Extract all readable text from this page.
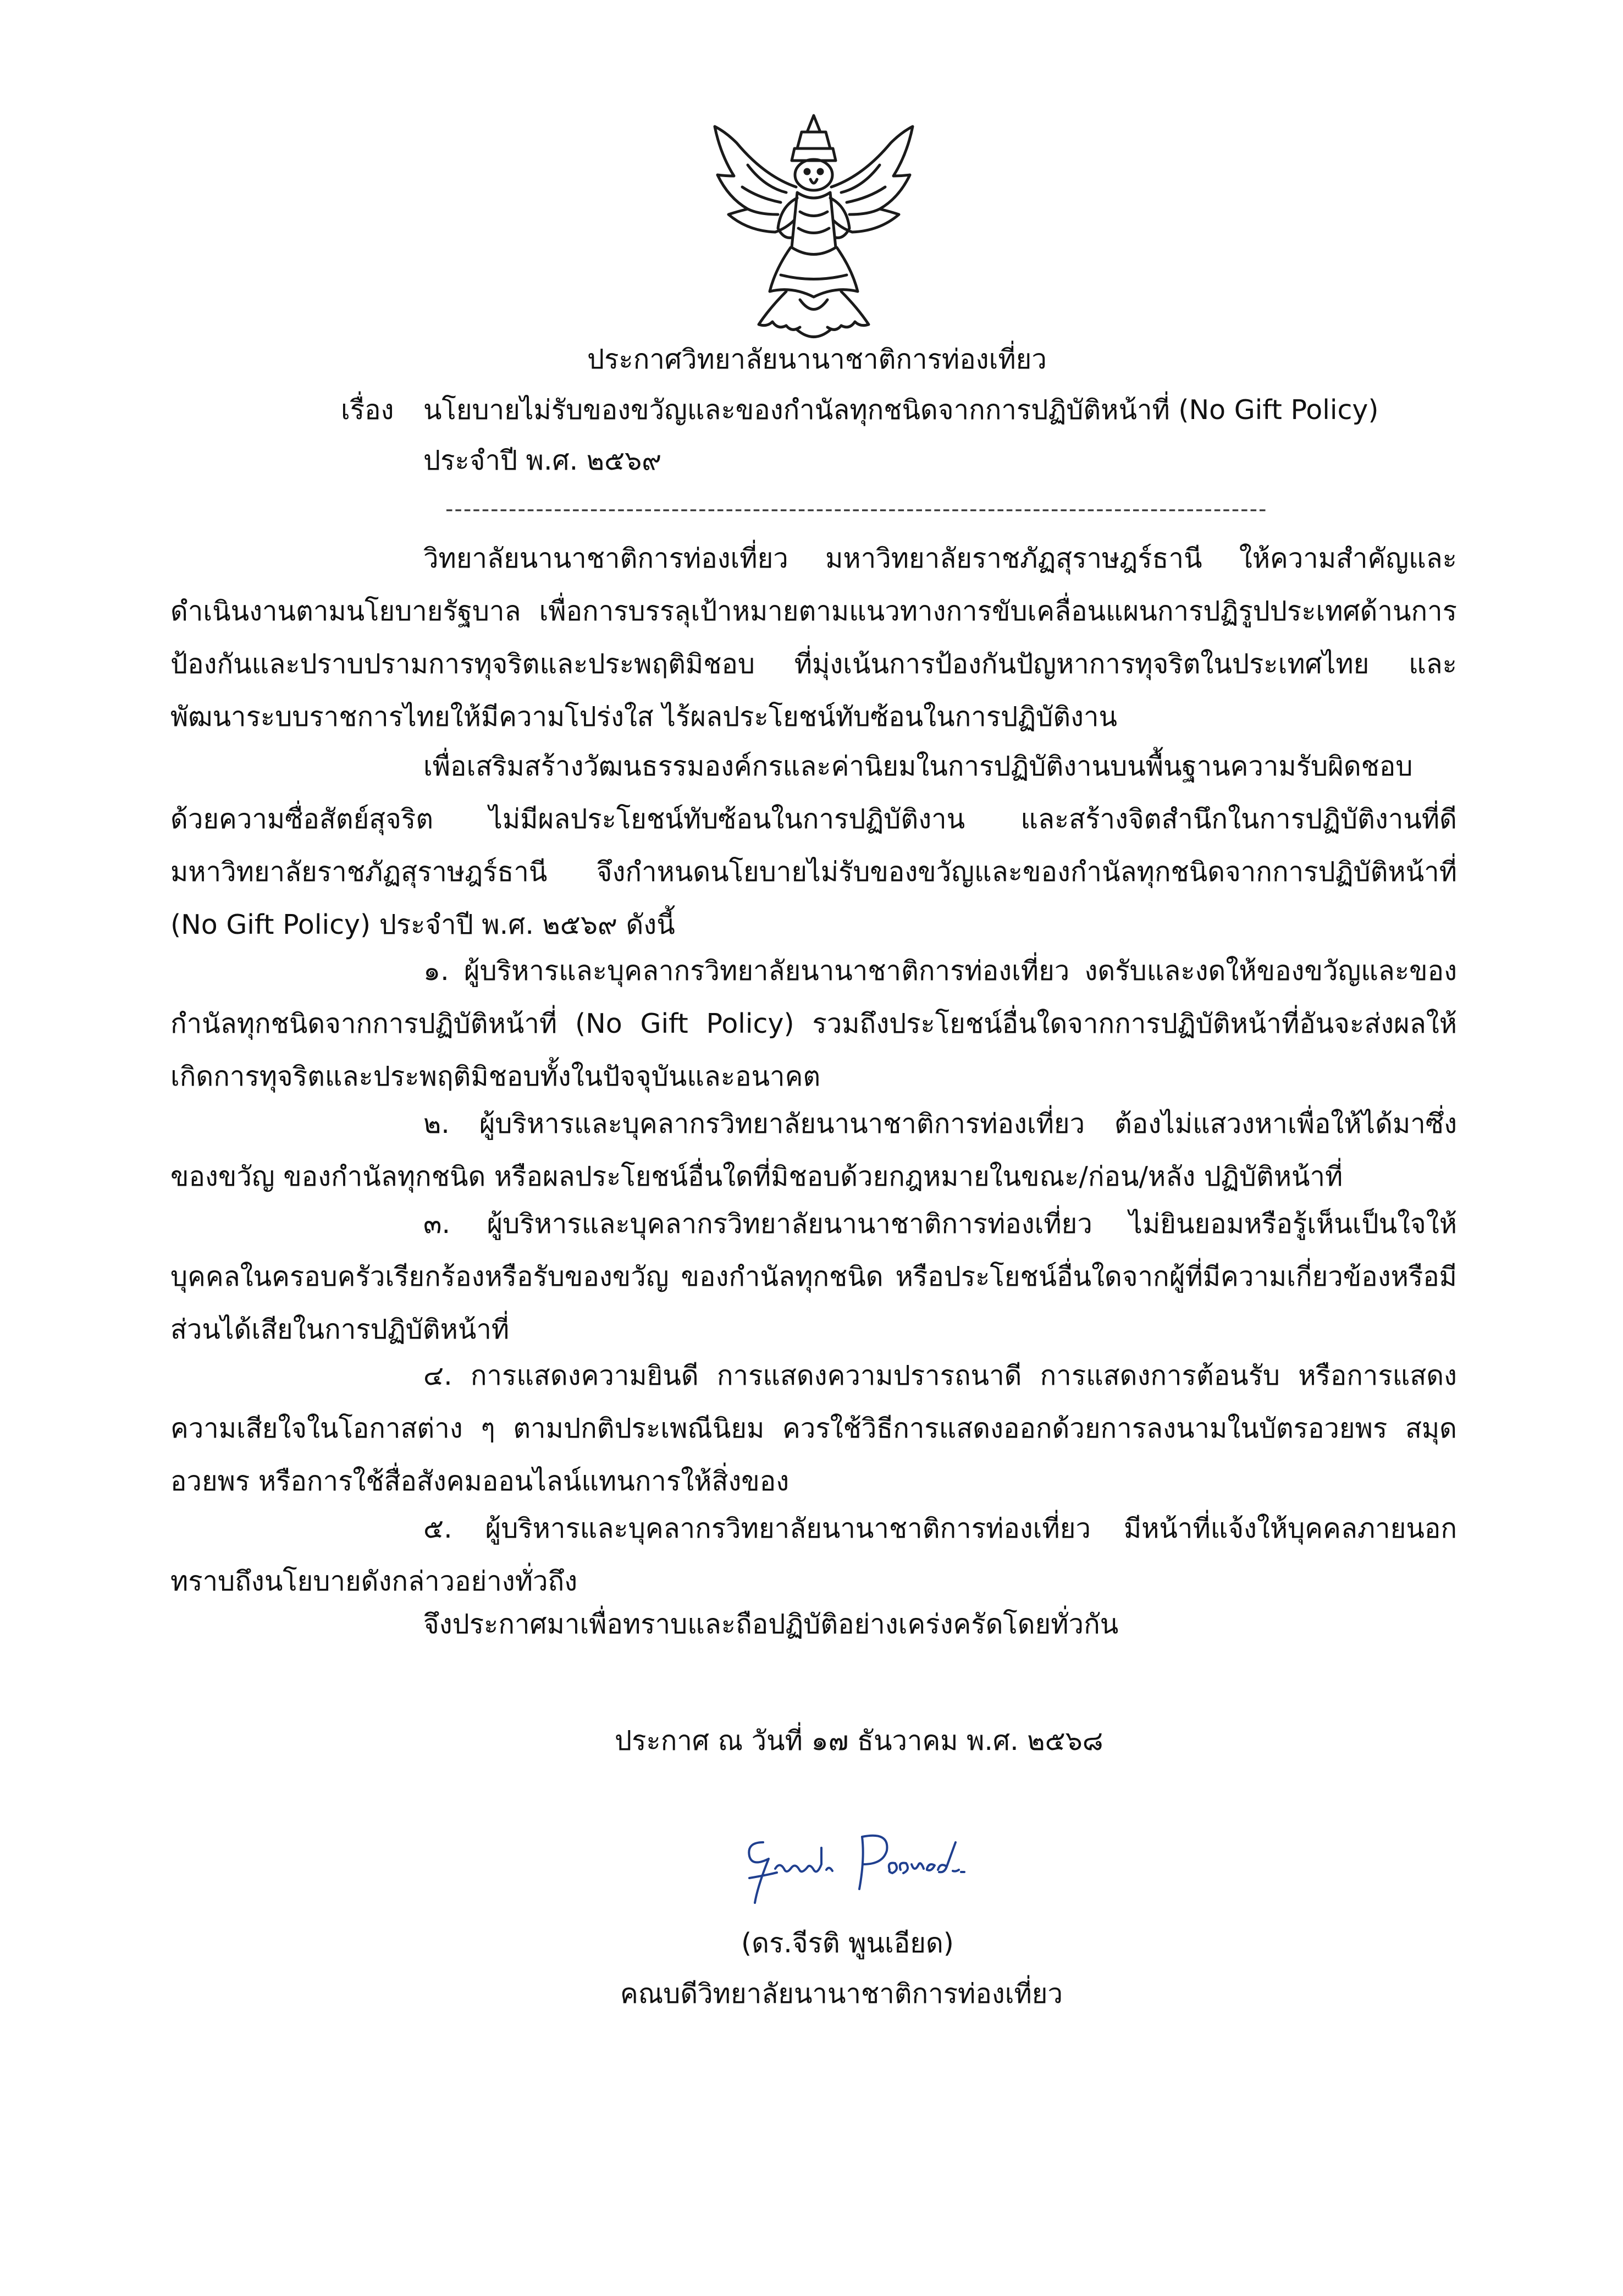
ประกาศวิทยาลัยนานาชาติการท่องเที่ยว
เรื่อง นโยบายไม่รับของขวัญและของกำนัลทุกชนิดจากการปฏิบัติหน้าที่ (No Gift Policy)
ประจำปี พ.ศ. ๒๕๖๙
-------------------------------------------------------------------------------------------

วิทยาลัยนานาชาติการท่องเที่ยว มหาวิทยาลัยราชภัฏสุราษฎร์ธานี ให้ความสำคัญและดำเนินงานตามนโยบายรัฐบาล เพื่อการบรรลุเป้าหมายตามแนวทางการขับเคลื่อนแผนการปฏิรูปประเทศด้านการป้องกันและปราบปรามการทุจริตและประพฤติมิชอบ ที่มุ่งเน้นการป้องกันปัญหาการทุจริตในประเทศไทย และพัฒนาระบบราชการไทยให้มีความโปร่งใส ไร้ผลประโยชน์ทับซ้อนในการปฏิบัติงาน

เพื่อเสริมสร้างวัฒนธรรมองค์กรและค่านิยมในการปฏิบัติงานบนพื้นฐานความรับผิดชอบด้วยความซื่อสัตย์สุจริต ไม่มีผลประโยชน์ทับซ้อนในการปฏิบัติงาน และสร้างจิตสำนึกในการปฏิบัติงานที่ดี มหาวิทยาลัยราชภัฏสุราษฎร์ธานี จึงกำหนดนโยบายไม่รับของขวัญและของกำนัลทุกชนิดจากการปฏิบัติหน้าที่ (No Gift Policy) ประจำปี พ.ศ. ๒๕๖๙ ดังนี้

๑. ผู้บริหารและบุคลากรวิทยาลัยนานาชาติการท่องเที่ยว งดรับและงดให้ของขวัญและของกำนัลทุกชนิดจากการปฏิบัติหน้าที่ (No Gift Policy) รวมถึงประโยชน์อื่นใดจากการปฏิบัติหน้าที่อันจะส่งผลให้เกิดการทุจริตและประพฤติมิชอบทั้งในปัจจุบันและอนาคต

๒. ผู้บริหารและบุคลากรวิทยาลัยนานาชาติการท่องเที่ยว ต้องไม่แสวงหาเพื่อให้ได้มาซึ่งของขวัญ ของกำนัลทุกชนิด หรือผลประโยชน์อื่นใดที่มิชอบด้วยกฎหมายในขณะ/ก่อน/หลัง ปฏิบัติหน้าที่

๓. ผู้บริหารและบุคลากรวิทยาลัยนานาชาติการท่องเที่ยว ไม่ยินยอมหรือรู้เห็นเป็นใจให้บุคคลในครอบครัวเรียกร้องหรือรับของขวัญ ของกำนัลทุกชนิด หรือประโยชน์อื่นใดจากผู้ที่มีความเกี่ยวข้องหรือมีส่วนได้เสียในการปฏิบัติหน้าที่

๔. การแสดงความยินดี การแสดงความปรารถนาดี การแสดงการต้อนรับ หรือการแสดงความเสียใจในโอกาสต่าง ๆ ตามปกติประเพณีนิยม ควรใช้วิธีการแสดงออกด้วยการลงนามในบัตรอวยพร สมุดอวยพร หรือการใช้สื่อสังคมออนไลน์แทนการให้สิ่งของ

๕. ผู้บริหารและบุคลากรวิทยาลัยนานาชาติการท่องเที่ยว มีหน้าที่แจ้งให้บุคคลภายนอกทราบถึงนโยบายดังกล่าวอย่างทั่วถึง

จึงประกาศมาเพื่อทราบและถือปฏิบัติอย่างเคร่งครัดโดยทั่วกัน
ประกาศ ณ วันที่ ๑๗ ธันวาคม พ.ศ. ๒๕๖๘
(ดร.จีรติ พูนเอียด)
คณบดีวิทยาลัยนานาชาติการท่องเที่ยว
